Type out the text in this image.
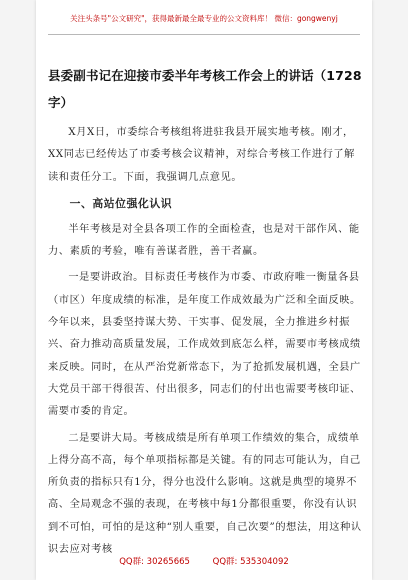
关注头条号"公文研究"，获得最新最全最专业的公文资料库！ 微信：gongwenyj
县委副书记在迎接市委半年考核工作会上的讲话（1728字）

X月X日，市委综合考核组将进驻我县开展实地考核。刚才，XX同志已经传达了市委考核会议精神，对综合考核工作进行了解读和责任分工。下面，我强调几点意见。

一、高站位强化认识

半年考核是对全县各项工作的全面检查，也是对干部作风、能力、素质的考验，唯有善谋者胜，善干者赢。

一是要讲政治。目标责任考核作为市委、市政府唯一衡量各县（市区）年度成绩的标准，是年度工作成效最为广泛和全面反映。今年以来，县委坚持谋大势、干实事、促发展，全力推进乡村振兴、奋力推动高质量发展，工作成效到底怎么样，需要市考核成绩来反映。同时，在从严治党新常态下，为了抢抓发展机遇，全县广大党员干部干得很苦、付出很多，同志们的付出也需要考核印证、需要市委的肯定。

二是要讲大局。考核成绩是所有单项工作绩效的集合，成绩单上得分高不高，每个单项指标都是关键。有的同志可能认为，自己所负责的指标只有1分，得分也没什么影响。这就是典型的境界不高、全局观念不强的表现，在考核中每1分都很重要，你没有认识到不可怕，可怕的是这种“别人重要，自己次要”的想法，用这种认识去应对考核

QQ群: 30265665	QQ群: 535304092
